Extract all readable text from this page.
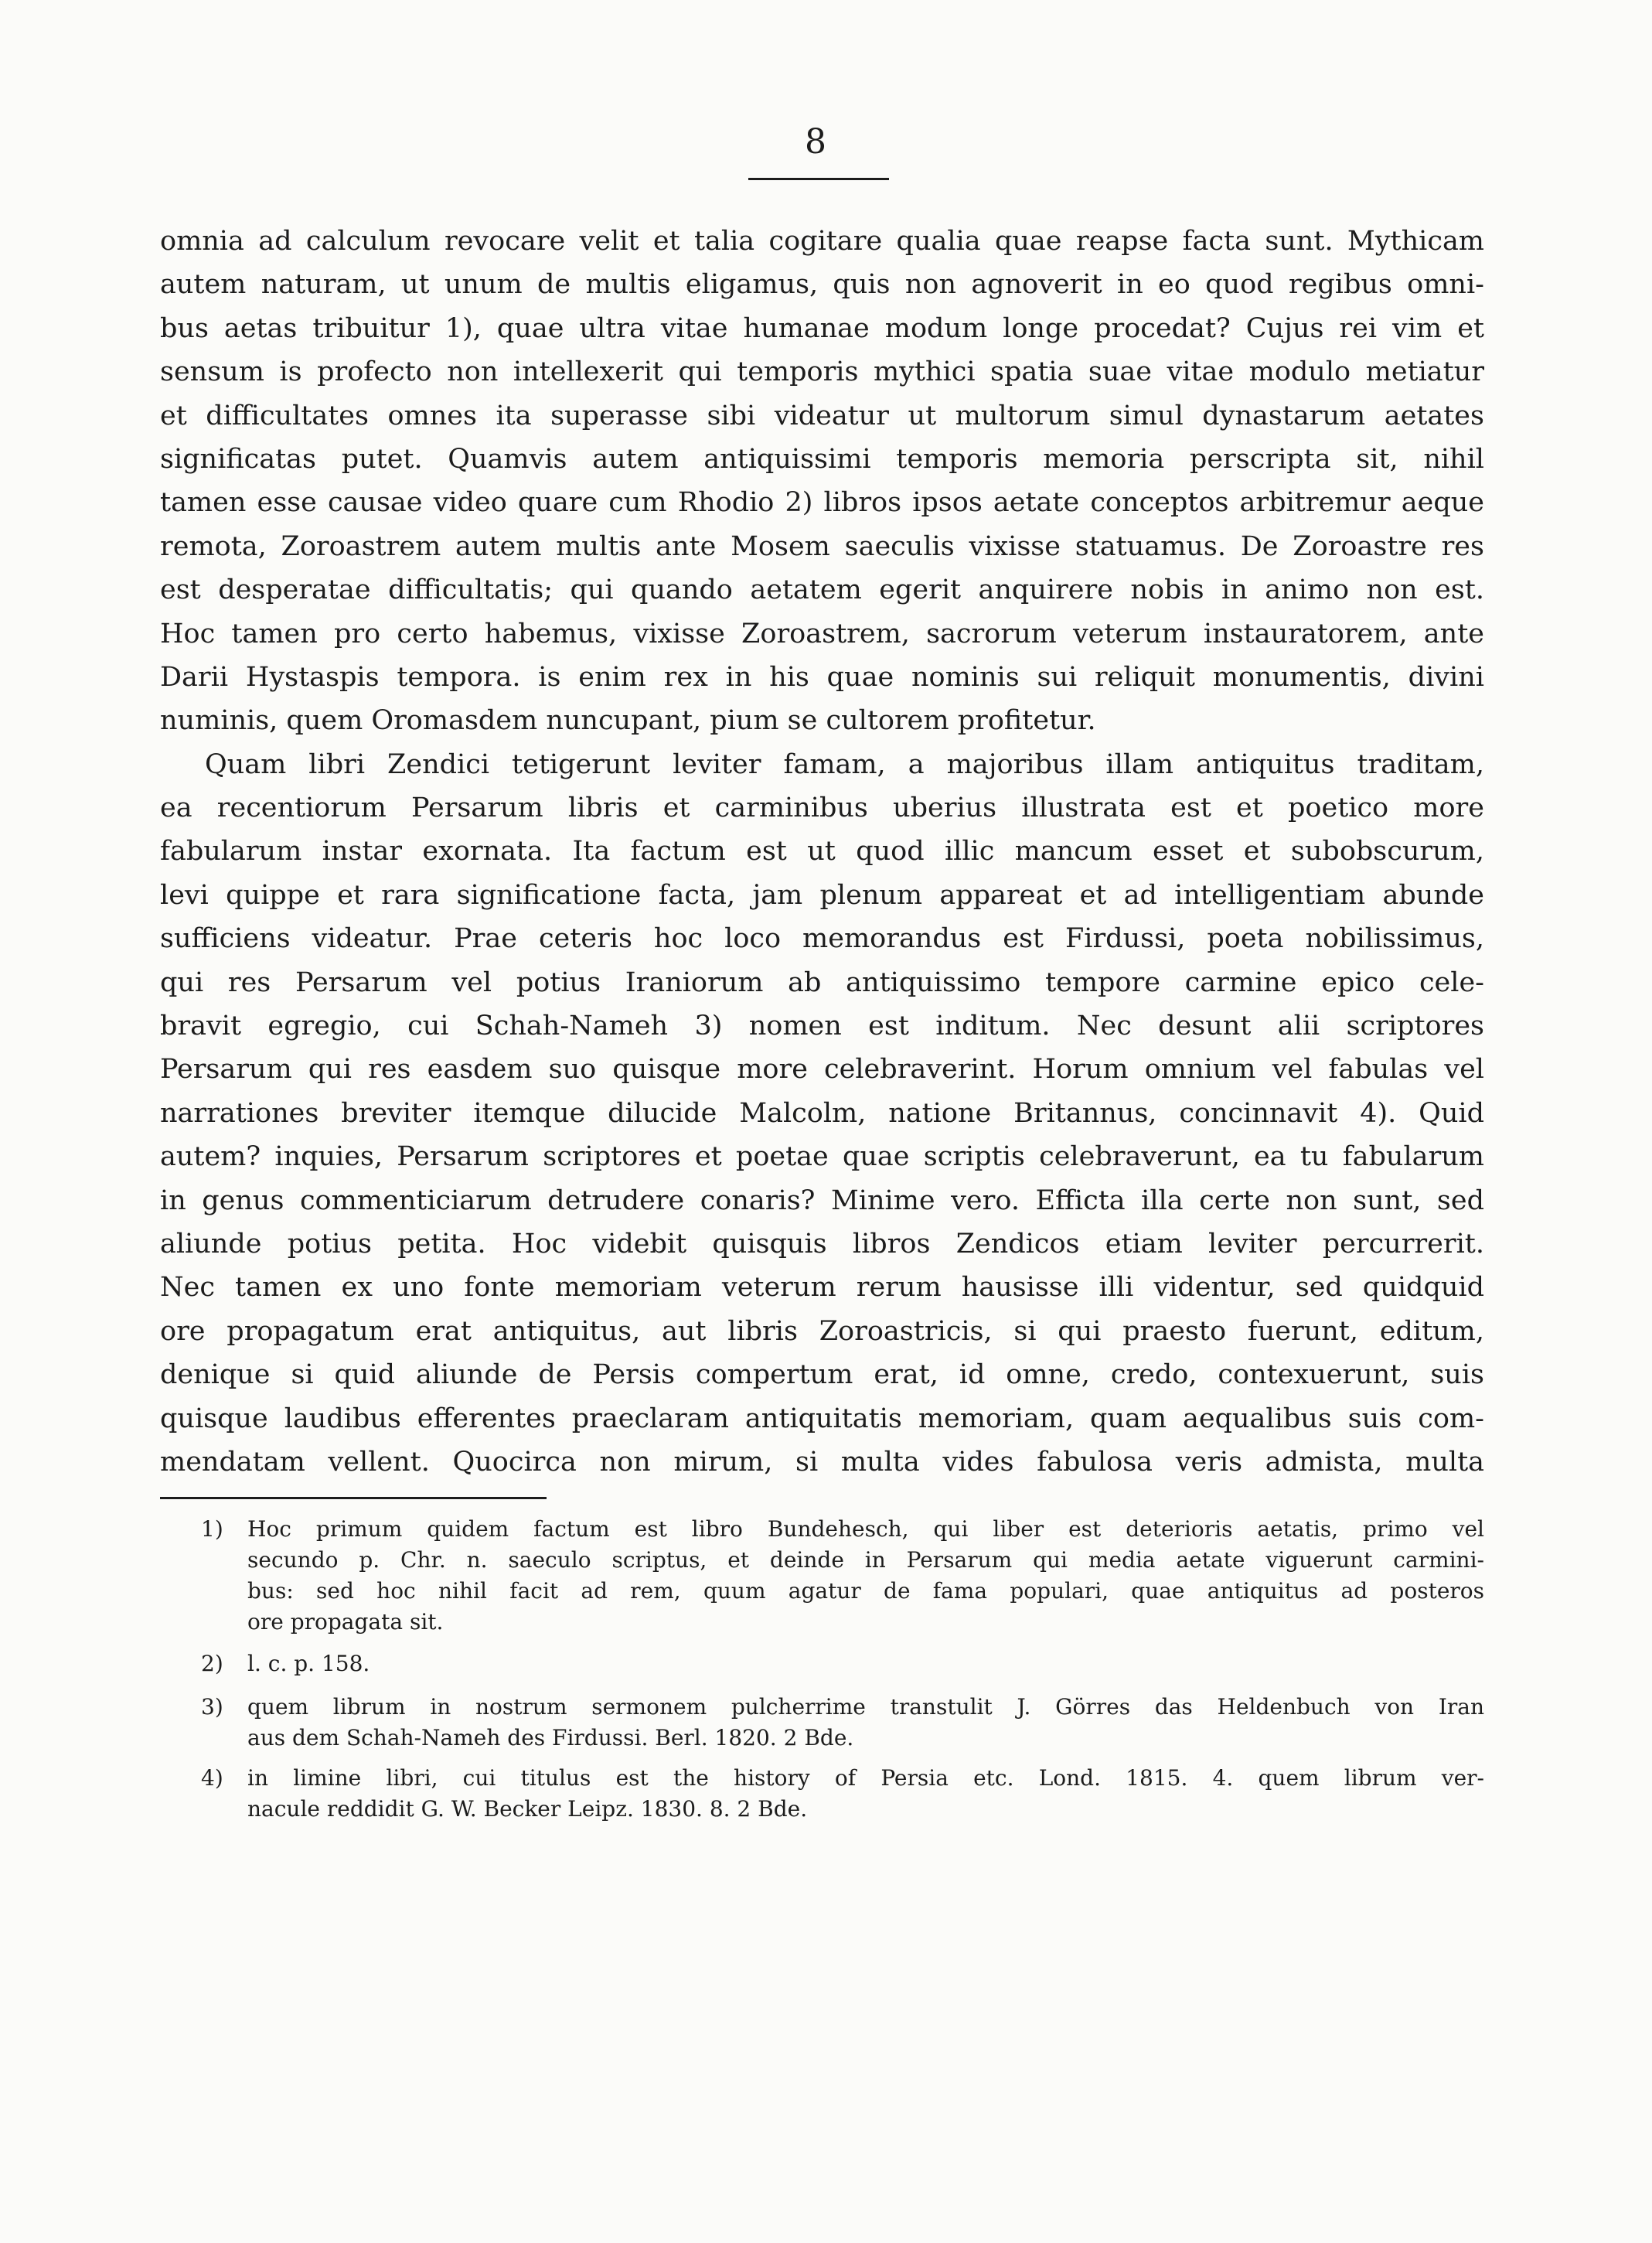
8
omnia ad calculum revocare velit et talia cogitare qualia quae reapse facta sunt. Mythicam
autem naturam, ut unum de multis eligamus, quis non agnoverit in eo quod regibus omni-
bus aetas tribuitur 1), quae ultra vitae humanae modum longe procedat? Cujus rei vim et
sensum is profecto non intellexerit qui temporis mythici spatia suae vitae modulo metiatur
et difficultates omnes ita superasse sibi videatur ut multorum simul dynastarum aetates
significatas putet. Quamvis autem antiquissimi temporis memoria perscripta sit, nihil
tamen esse causae video quare cum Rhodio 2) libros ipsos aetate conceptos arbitremur aeque
remota, Zoroastrem autem multis ante Mosem saeculis vixisse statuamus. De Zoroastre res
est desperatae difficultatis; qui quando aetatem egerit anquirere nobis in animo non est.
Hoc tamen pro certo habemus, vixisse Zoroastrem, sacrorum veterum instauratorem, ante
Darii Hystaspis tempora. is enim rex in his quae nominis sui reliquit monumentis, divini
numinis, quem Oromasdem nuncupant, pium se cultorem profitetur.
Quam libri Zendici tetigerunt leviter famam, a majoribus illam antiquitus traditam,
ea recentiorum Persarum libris et carminibus uberius illustrata est et poetico more
fabularum instar exornata. Ita factum est ut quod illic mancum esset et subobscurum,
levi quippe et rara significatione facta, jam plenum appareat et ad intelligentiam abunde
sufficiens videatur. Prae ceteris hoc loco memorandus est Firdussi, poeta nobilissimus,
qui res Persarum vel potius Iraniorum ab antiquissimo tempore carmine epico cele-
bravit egregio, cui Schah-Nameh 3) nomen est inditum. Nec desunt alii scriptores
Persarum qui res easdem suo quisque more celebraverint. Horum omnium vel fabulas vel
narrationes breviter itemque dilucide Malcolm, natione Britannus, concinnavit 4). Quid
autem? inquies, Persarum scriptores et poetae quae scriptis celebraverunt, ea tu fabularum
in genus commenticiarum detrudere conaris? Minime vero. Efficta illa certe non sunt, sed
aliunde potius petita. Hoc videbit quisquis libros Zendicos etiam leviter percurrerit.
Nec tamen ex uno fonte memoriam veterum rerum hausisse illi videntur, sed quidquid
ore propagatum erat antiquitus, aut libris Zoroastricis, si qui praesto fuerunt, editum,
denique si quid aliunde de Persis compertum erat, id omne, credo, contexuerunt, suis
quisque laudibus efferentes praeclaram antiquitatis memoriam, quam aequalibus suis com-
mendatam vellent. Quocirca non mirum, si multa vides fabulosa veris admista, multa
1) Hoc primum quidem factum est libro Bundehesch, qui liber est deterioris aetatis, primo vel
secundo p. Chr. n. saeculo scriptus, et deinde in Persarum qui media aetate viguerunt carmini-
bus: sed hoc nihil facit ad rem, quum agatur de fama populari, quae antiquitus ad posteros
ore propagata sit.
2) l. c. p. 158.
3) quem librum in nostrum sermonem pulcherrime transtulit J. Görres das Heldenbuch von Iran
aus dem Schah-Nameh des Firdussi. Berl. 1820. 2 Bde.
4) in limine libri, cui titulus est the history of Persia etc. Lond. 1815. 4. quem librum ver-
nacule reddidit G. W. Becker Leipz. 1830. 8. 2 Bde.
